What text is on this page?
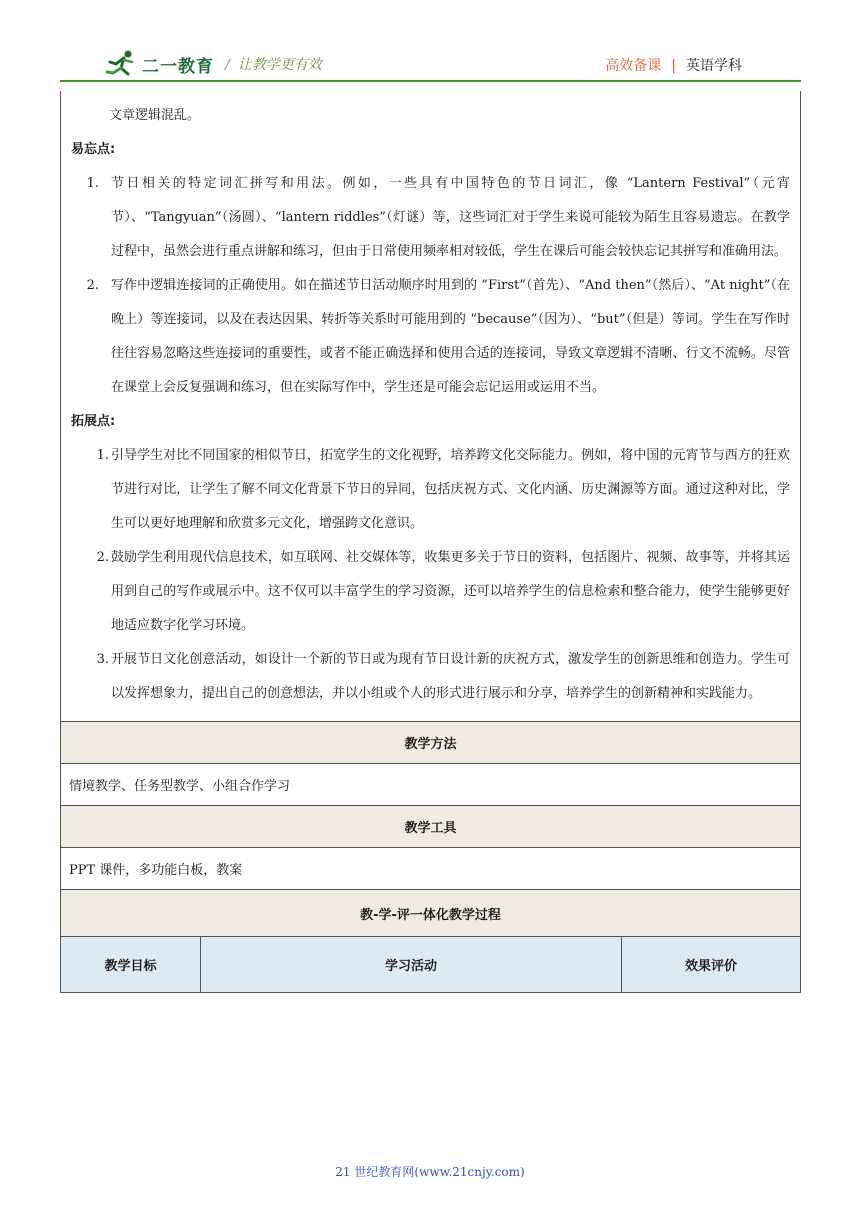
二一教育 / 让教学更有效	高效备课 | 英语学科
文章逻辑混乱。
易忘点:
1. 节日相关的特定词汇拼写和用法。例如，一些具有中国特色的节日词汇，像 “Lantern Festival”（元宵节）、“Tangyuan”（汤圆）、“lantern riddles”（灯谜）等，这些词汇对于学生来说可能较为陌生且容易遗忘。在教学过程中，虽然会进行重点讲解和练习，但由于日常使用频率相对较低，学生在课后可能会较快忘记其拼写和准确用法。
2. 写作中逻辑连接词的正确使用。如在描述节日活动顺序时用到的 “First”（首先）、“And then”（然后）、“At night”（在晚上）等连接词，以及在表达因果、转折等关系时可能用到的 “because”（因为）、“but”（但是）等词。学生在写作时往往容易忽略这些连接词的重要性，或者不能正确选择和使用合适的连接词，导致文章逻辑不清晰、行文不流畅。尽管在课堂上会反复强调和练习，但在实际写作中，学生还是可能会忘记运用或运用不当。
拓展点:
1. 引导学生对比不同国家的相似节日，拓宽学生的文化视野，培养跨文化交际能力。例如，将中国的元宵节与西方的狂欢节进行对比，让学生了解不同文化背景下节日的异同，包括庆祝方式、文化内涵、历史渊源等方面。通过这种对比，学生可以更好地理解和欣赏多元文化，增强跨文化意识。
2. 鼓励学生利用现代信息技术，如互联网、社交媒体等，收集更多关于节日的资料，包括图片、视频、故事等，并将其运用到自己的写作或展示中。这不仅可以丰富学生的学习资源，还可以培养学生的信息检索和整合能力，使学生能够更好地适应数字化学习环境。
3. 开展节日文化创意活动，如设计一个新的节日或为现有节日设计新的庆祝方式，激发学生的创新思维和创造力。学生可以发挥想象力，提出自己的创意想法，并以小组或个人的形式进行展示和分享，培养学生的创新精神和实践能力。
教学方法
情境教学、任务型教学、小组合作学习
教学工具
PPT 课件，多功能白板，教案
教-学-评一体化教学过程
教学目标	学习活动	效果评价
21 世纪教育网(www.21cnjy.com)
